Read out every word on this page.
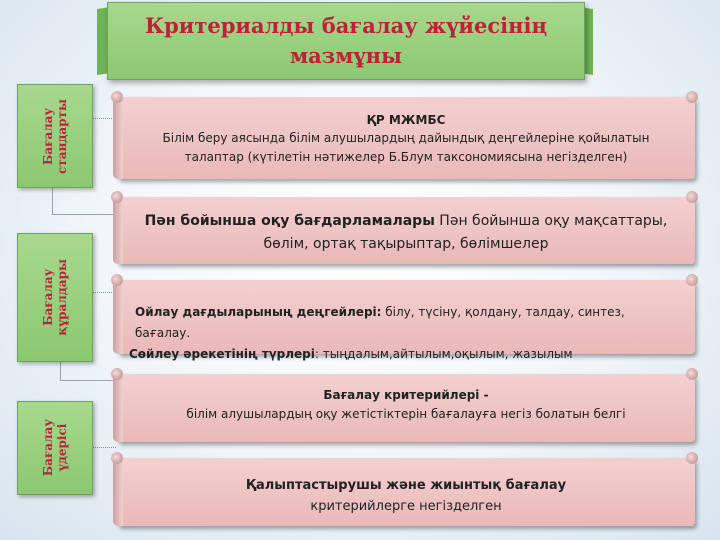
Критериалды бағалау жүйесінің мазмұны
Бағалау
стандарты
Бағалау
құралдары
Бағалау
үдерісі
ҚР МЖМБС
Білім беру аясында білім алушылардың дайындық деңгейлеріне қойылатын талаптар (күтілетін нәтижелер Б.Блум таксономиясына негізделген)
Пән бойынша оқу бағдарламалары Пән бойынша оқу мақсаттары, бөлім, ортақ тақырыптар, бөлімшелер
Ойлау дағдыларының деңгейлері: білу, түсіну, қолдану, талдау, синтез, бағалау.
Сөйлеу әрекетінің түрлері: тыңдалым,айтылым,оқылым, жазылым
Бағалау критерийлері -
білім алушылардың оқу жетістіктерін бағалауға негіз болатын белгі
Қалыптастырушы және жиынтық бағалау
критерийлерге негізделген
